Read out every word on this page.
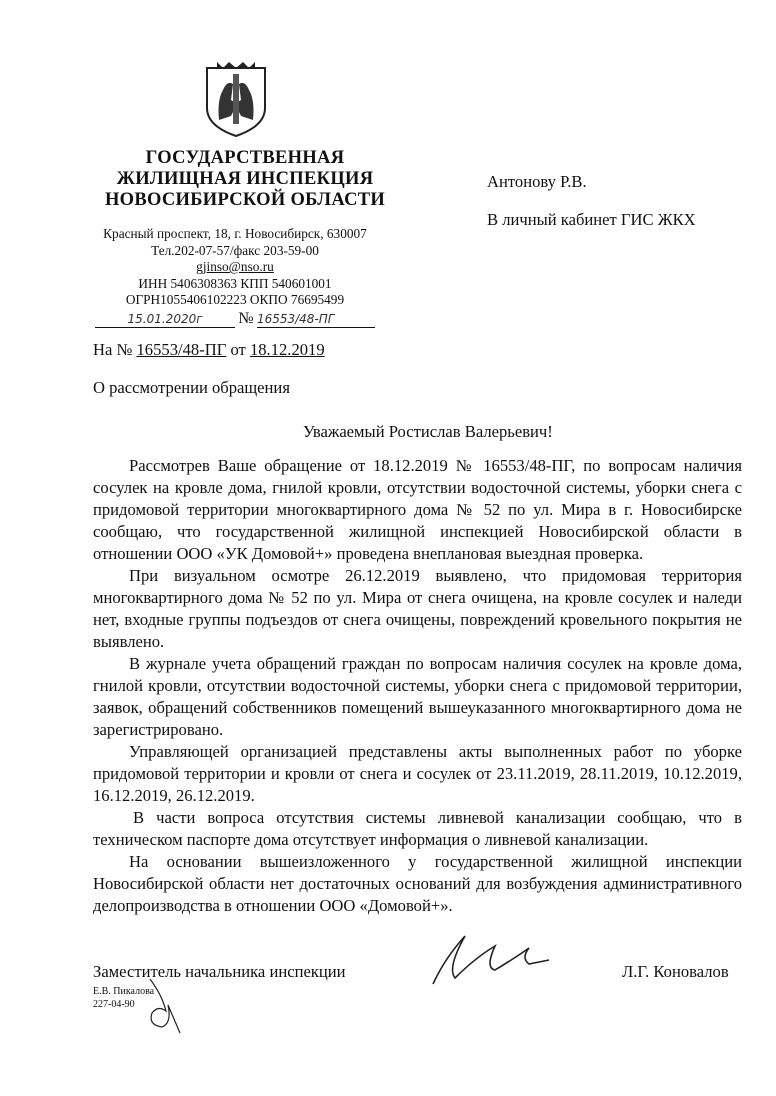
ГОСУДАРСТВЕННАЯ
ЖИЛИЩНАЯ ИНСПЕКЦИЯ
НОВОСИБИРСКОЙ ОБЛАСТИ
Красный проспект, 18, г. Новосибирск, 630007
Тел.202-07-57/факс 203-59-00
gjinso@nso.ru
ИНН 5406308363 КПП 540601001
ОГРН1055406102223 ОКПО 76695499
15.01.2020г № 16553/48-ПГ
На № 16553/48-ПГ от 18.12.2019
Антонову Р.В.
В личный кабинет ГИС ЖКХ
О рассмотрении обращения
Уважаемый Ростислав Валерьевич!

Рассмотрев Ваше обращение от 18.12.2019 № 16553/48-ПГ, по вопросам наличия сосулек на кровле дома, гнилой кровли, отсутствии водосточной системы, уборки снега с придомовой территории многоквартирного дома № 52 по ул. Мира в г. Новосибирске сообщаю, что государственной жилищной инспекцией Новосибирской области в отношении ООО «УК Домовой+» проведена внеплановая выездная проверка.

При визуальном осмотре 26.12.2019 выявлено, что придомовая территория многоквартирного дома № 52 по ул. Мира от снега очищена, на кровле сосулек и наледи нет, входные группы подъездов от снега очищены, повреждений кровельного покрытия не выявлено.

В журнале учета обращений граждан по вопросам наличия сосулек на кровле дома, гнилой кровли, отсутствии водосточной системы, уборки снега с придомовой территории, заявок, обращений собственников помещений вышеуказанного многоквартирного дома не зарегистрировано.

Управляющей организацией представлены акты выполненных работ по уборке придомовой территории и кровли от снега и сосулек от 23.11.2019, 28.11.2019, 10.12.2019, 16.12.2019, 26.12.2019.

В части вопроса отсутствия системы ливневой канализации сообщаю, что в техническом паспорте дома отсутствует информация о ливневой канализации.

На основании вышеизложенного у государственной жилищной инспекции Новосибирской области нет достаточных оснований для возбуждения административного делопроизводства в отношении ООО «Домовой+».

Заместитель начальника инспекции	Л.Г. Коновалов
Е.В. Пикалова
227-04-90
